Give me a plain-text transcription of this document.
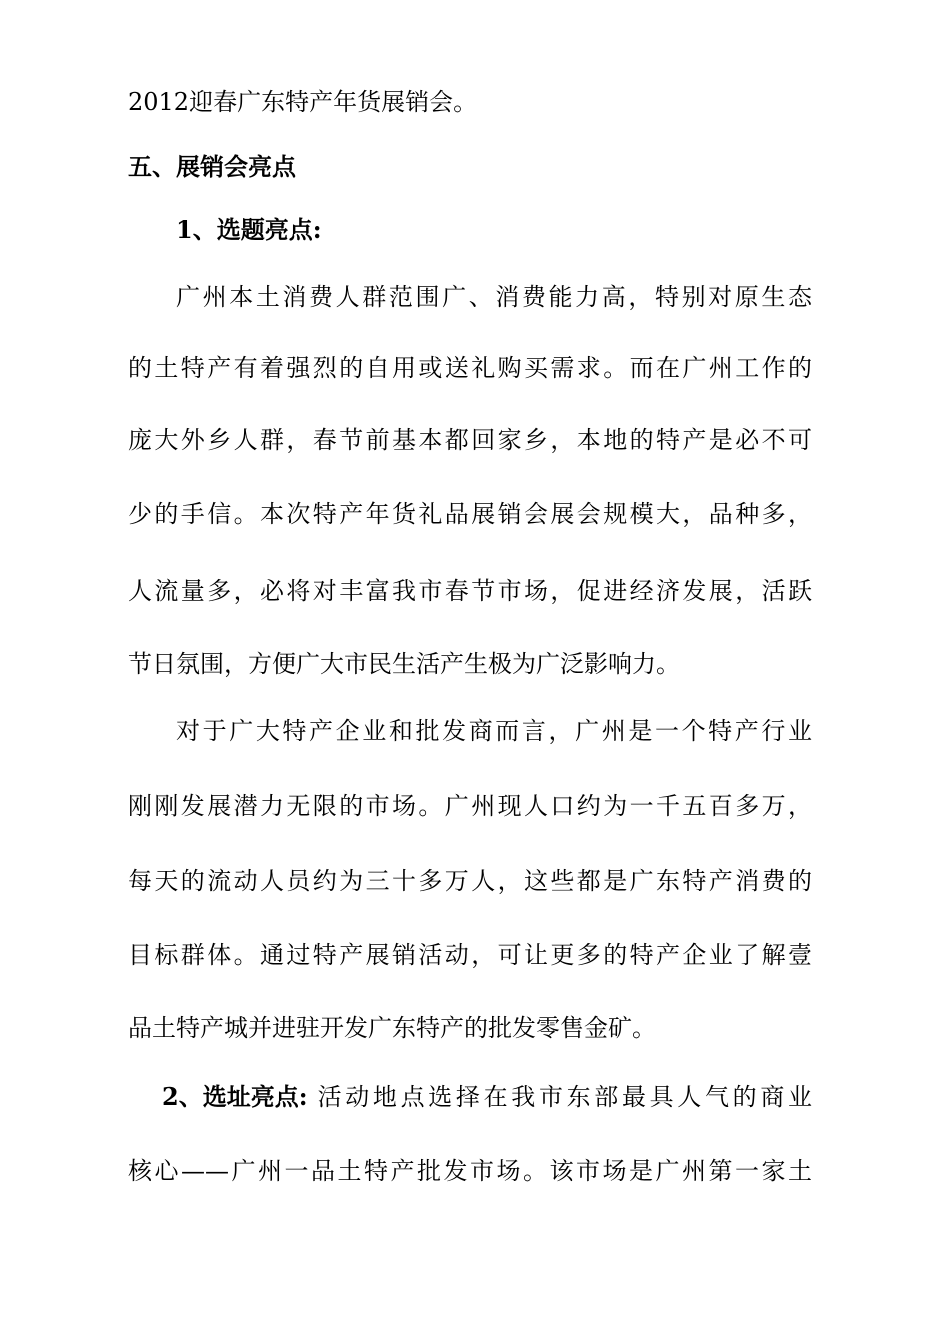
2012迎春广东特产年货展销会。
五、展销会亮点
1、选题亮点:
广州本土消费人群范围广、消费能力高，特别对原生态
的土特产有着强烈的自用或送礼购买需求。而在广州工作的
庞大外乡人群，春节前基本都回家乡，本地的特产是必不可
少的手信。本次特产年货礼品展销会展会规模大，品种多，
人流量多，必将对丰富我市春节市场，促进经济发展，活跃
节日氛围，方便广大市民生活产生极为广泛影响力。
对于广大特产企业和批发商而言，广州是一个特产行业
刚刚发展潜力无限的市场。广州现人口约为一千五百多万，
每天的流动人员约为三十多万人，这些都是广东特产消费的
目标群体。通过特产展销活动，可让更多的特产企业了解壹
品土特产城并进驻开发广东特产的批发零售金矿。
2、选址亮点: 活动地点选择在我市东部最具人气的商业
核心——广州一品土特产批发市场。该市场是广州第一家土
